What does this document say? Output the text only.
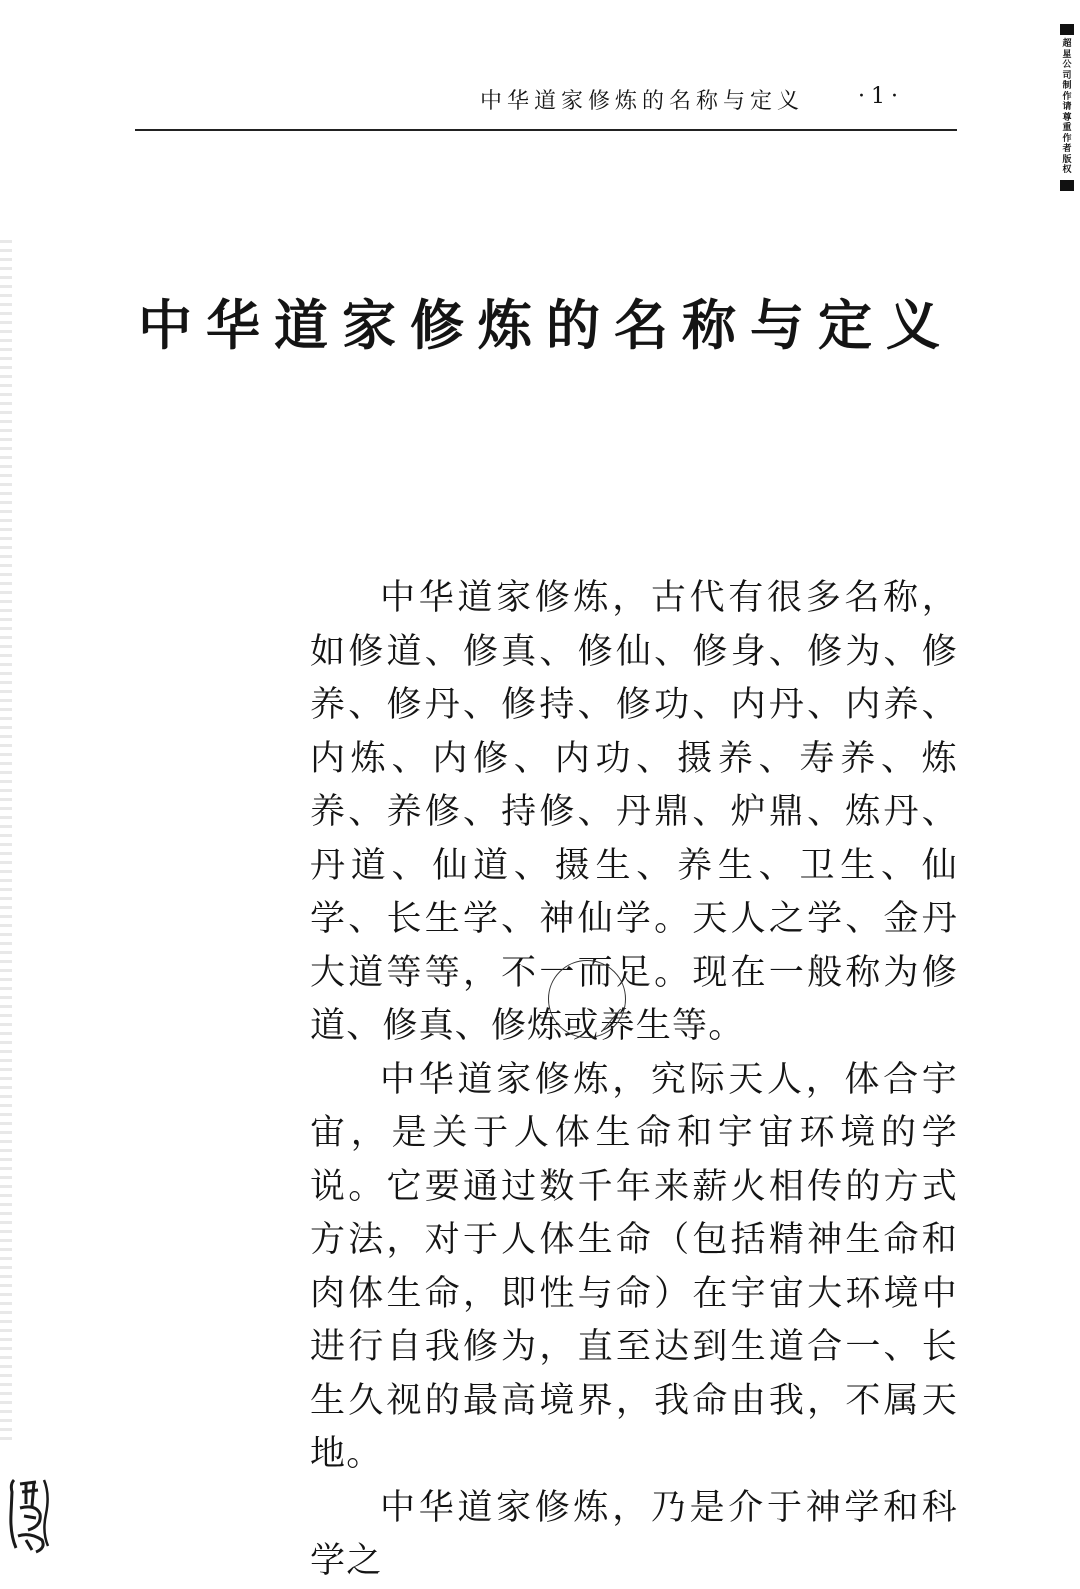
中华道家修炼的名称与定义 ·1·
超星公司制作请尊重作者版权
中华道家修炼的名称与定义

中华道家修炼，古代有很多名称，如修道、修真、修仙、修身、修为、修养、修丹、修持、修功、内丹、内养、内炼、内修、内功、摄养、寿养、炼养、养修、持修、丹鼎、炉鼎、炼丹、丹道、仙道、摄生、养生、卫生、仙学、长生学、神仙学。天人之学、金丹大道等等，不一而足。现在一般称为修道、修真、修炼或养生等。

中华道家修炼，究际天人，体合宇宙，是关于人体生命和宇宙环境的学说。它要通过数千年来薪火相传的方式方法，对于人体生命（包括精神生命和肉体生命，即性与命）在宇宙大环境中进行自我修为，直至达到生道合一、长生久视的最高境界，我命由我，不属天地。

中华道家修炼，乃是介于神学和科学之
